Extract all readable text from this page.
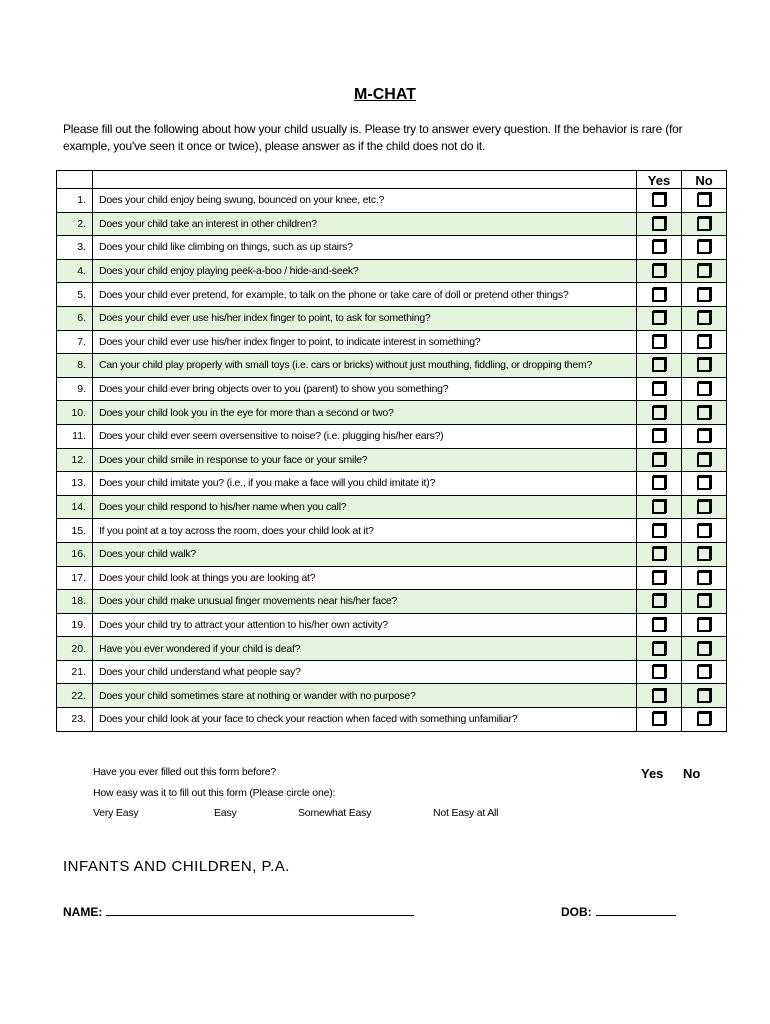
M-CHAT
Please fill out the following about how your child usually is. Please try to answer every question. If the behavior is rare (for example, you've seen it once or twice), please answer as if the child does not do it.
		Yes	No
1.	Does your child enjoy being swung, bounced on your knee, etc.?		
2.	Does your child take an interest in other children?		
3.	Does your child like climbing on things, such as up stairs?		
4.	Does your child enjoy playing peek-a-boo / hide-and-seek?		
5.	Does your child ever pretend, for example, to talk on the phone or take care of doll or pretend other things?		
6.	Does your child ever use his/her index finger to point, to ask for something?		
7.	Does your child ever use his/her index finger to point, to indicate interest in something?		
8.	Can your child play properly with small toys (i.e. cars or bricks) without just mouthing, fiddling, or dropping them?		
9.	Does your child ever bring objects over to you (parent) to show you something?		
10.	Does your child look you in the eye for more than a second or two?		
11.	Does your child ever seem oversensitive to noise? (i.e. plugging his/her ears?)		
12.	Does your child smile in response to your face or your smile?		
13.	Does your child imitate you? (i.e., if you make a face will you child imitate it)?		
14.	Does your child respond to his/her name when you call?		
15.	If you point at a toy across the room, does your child look at it?		
16.	Does your child walk?		
17.	Does your child look at things you are looking at?		
18.	Does your child make unusual finger movements near his/her face?		
19.	Does your child try to attract your attention to his/her own activity?		
20.	Have you ever wondered if your child is deaf?		
21.	Does your child understand what people say?		
22.	Does your child sometimes stare at nothing or wander with no purpose?		
23.	Does your child look at your face to check your reaction when faced with something unfamiliar?		
Have you ever filled out this form before?	Yes No
How easy was it to fill out this form (Please circle one):
Very Easy	Easy	Somewhat Easy	Not Easy at All
INFANTS AND CHILDREN, P.A.
NAME:	DOB:
